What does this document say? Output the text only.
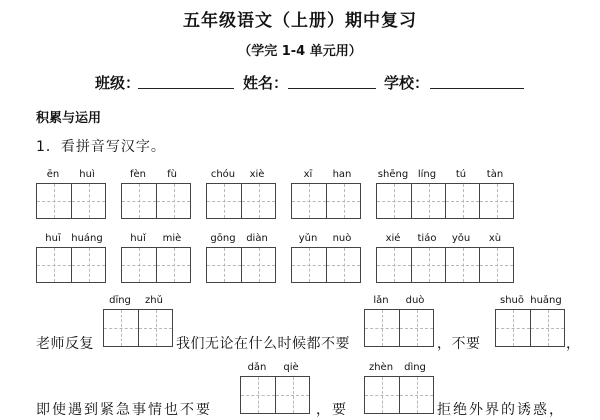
五年级语文（上册）期中复习
（学完 1-4 单元用）
班级：	姓名：	学校：
积累与运用
1．看拼音写汉字。
ēn	huì	fèn	fù	chóu	xiè	xī	han	shēng líng	tú	tàn
huī	huáng	huǐ	miè	gōng	diàn	yǔn	nuò	xié	tiáo	yǒu	xù
dīng	zhǔ	lǎn	duò	shuō huǎng
老师反复	我们无论在什么时候都不要	，不要	，
dǎn	qiè	zhèn	dìng
即使遇到紧急事情也不要	，要	拒绝外界的诱惑，
